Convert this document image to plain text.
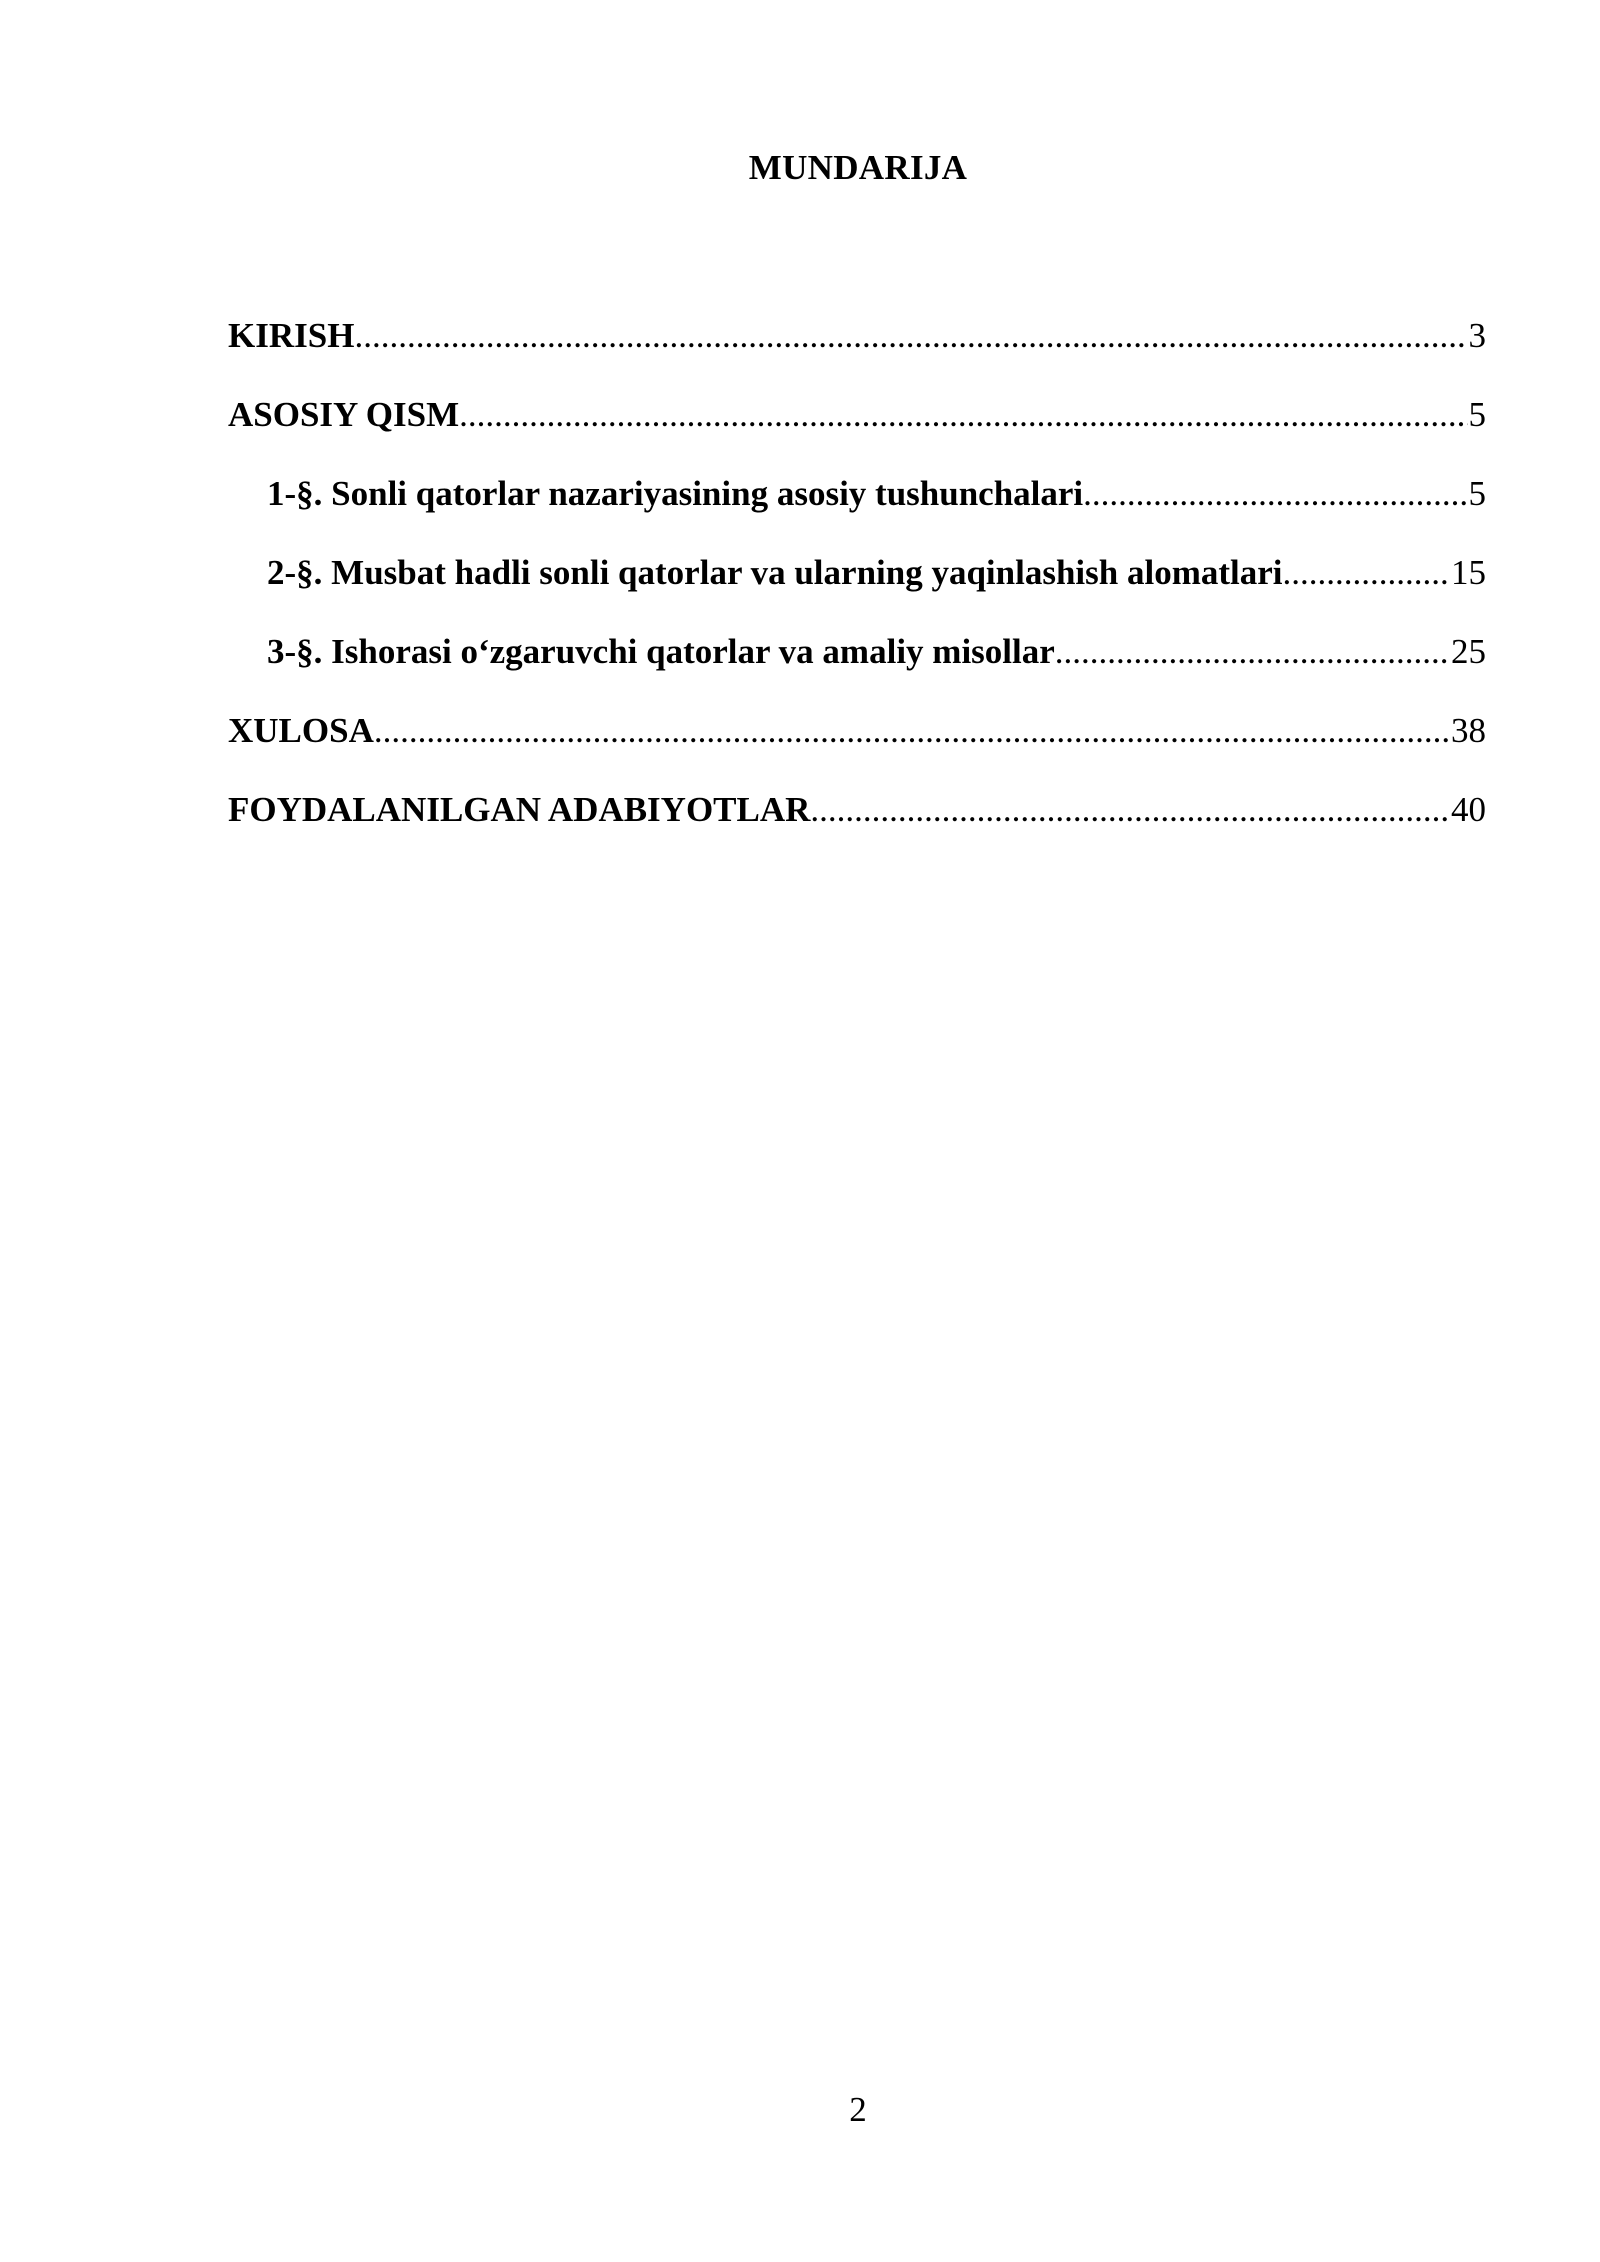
MUNDARIJA
KIRISH .....	3
ASOSIY QISM .....	5
1-§. Sonli qatorlar nazariyasining asosiy tushunchalari .....	5
2-§. Musbat hadli sonli qatorlar va ularning yaqinlashish alomatlari .....	15
3-§. Ishorasi o‘zgaruvchi qatorlar va amaliy misollar .....	25
XULOSA .....	38
FOYDALANILGAN ADABIYOTLAR .....	40
2
